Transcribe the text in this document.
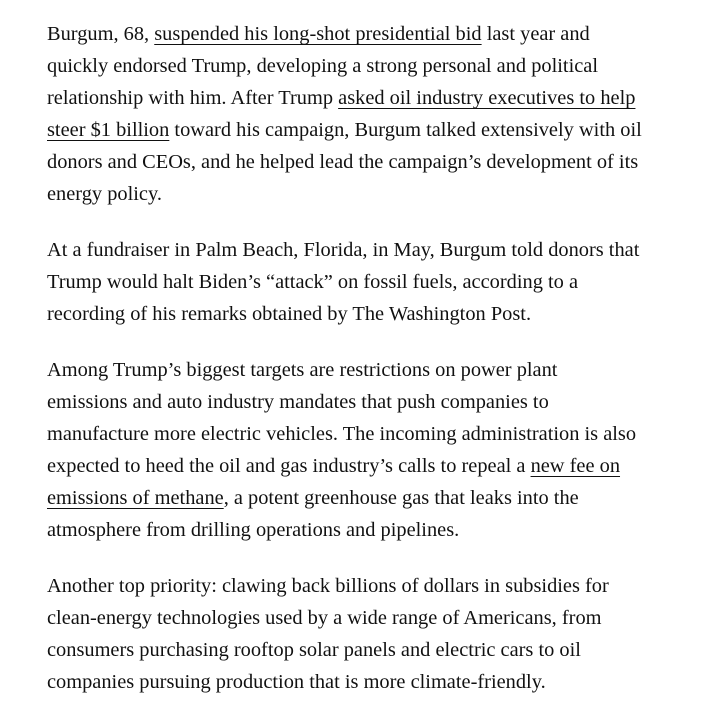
Burgum, 68, suspended his long-shot presidential bid last year and
quickly endorsed Trump, developing a strong personal and political
relationship with him. After Trump asked oil industry executives to help
steer $1 billion toward his campaign, Burgum talked extensively with oil
donors and CEOs, and he helped lead the campaign’s development of its
energy policy.

At a fundraiser in Palm Beach, Florida, in May, Burgum told donors that
Trump would halt Biden’s “attack” on fossil fuels, according to a
recording of his remarks obtained by The Washington Post.

Among Trump’s biggest targets are restrictions on power plant
emissions and auto industry mandates that push companies to
manufacture more electric vehicles. The incoming administration is also
expected to heed the oil and gas industry’s calls to repeal a new fee on
emissions of methane, a potent greenhouse gas that leaks into the
atmosphere from drilling operations and pipelines.

Another top priority: clawing back billions of dollars in subsidies for
clean-energy technologies used by a wide range of Americans, from
consumers purchasing rooftop solar panels and electric cars to oil
companies pursuing production that is more climate-friendly.
